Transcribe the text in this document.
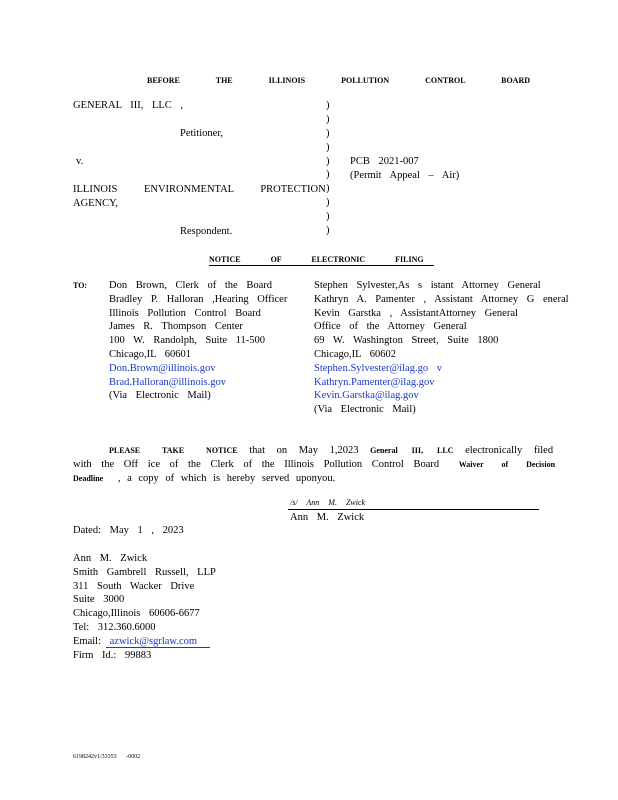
BEFORE THE ILLINOIS POLLUTION CONTROL BOARD
GENERAL III, LLC ,
Petitioner,
v.
ILLINOIS ENVIRONMENTAL PROTECTION
AGENCY,
Respondent.
)
)
)
)
)
)
)
)
)
)
PCB 2021-007
(Permit Appeal – Air)
NOTICE OF ELECTRONIC FILING
TO: Don Brown, Clerk of the Board
Bradley P. Halloran ,Hearing Officer
Illinois Pollution Control Board
James R. Thompson Center
100 W. Randolph, Suite 11-500
Chicago,IL 60601
Don.Brown@illinois.gov
Brad.Halloran@illinois.gov
(Via Electronic Mail)
Stephen Sylvester,As s istant Attorney General
Kathryn A. Pamenter , Assistant Attorney G eneral
Kevin Garstka , AssistantAttorney General
Office of the Attorney General
69 W. Washington Street, Suite 1800
Chicago,IL 60602
Stephen.Sylvester@ilag.go v
Kathryn.Pamenter@ilag.gov
Kevin.Garstka@ilag.gov
(Via Electronic Mail)
PLEASE TAKE NOTICE that on May 1,2023 General III, LLC electronically filed
with the Off ice of the Clerk of the Illinois Pollution Control Board Waiver of Decision
Deadline , a copy of which is hereby served uponyou.
/s/ Ann M. Zwick
Ann M. Zwick
Dated: May 1 , 2023
Ann M. Zwick
Smith Gambrell Russell, LLP
311 South Wacker Drive
Suite 3000
Chicago,Illinois 60606-6677
Tel: 312.360.6000
Email: azwick@sgrlaw.com
Firm Id.: 99883
6198242v1/33353 -0002
